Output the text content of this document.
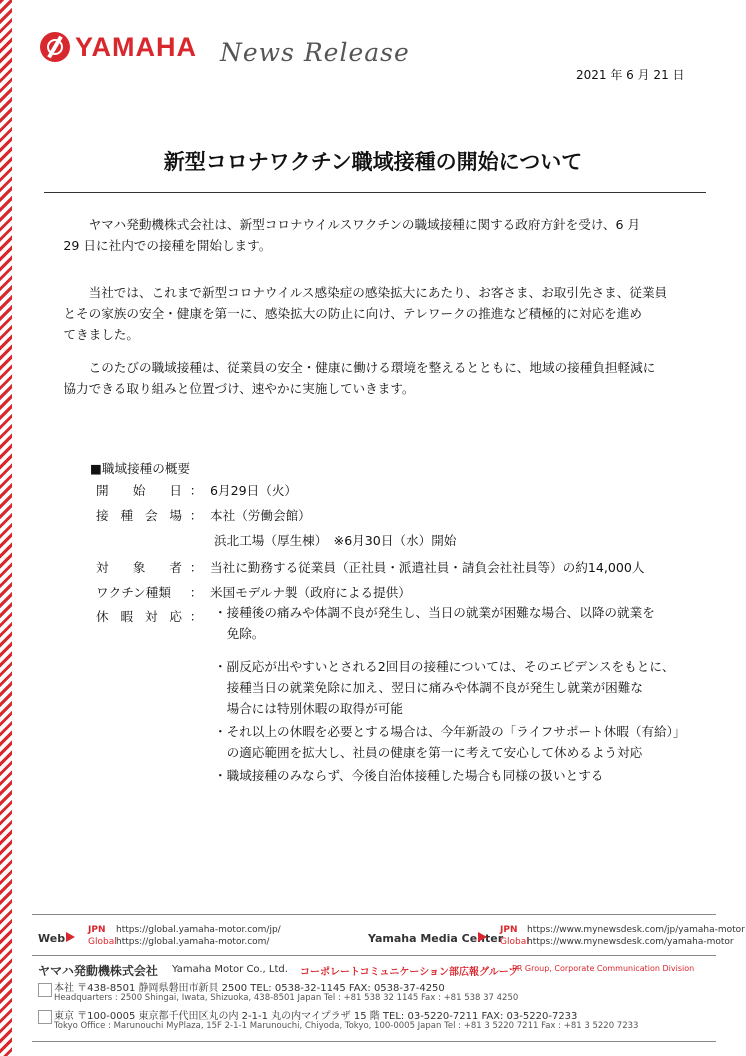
YAMAHA News Release
2021 年 6 月 21 日
新型コロナワクチン職域接種の開始について

ヤマハ発動機株式会社は、新型コロナウイルスワクチンの職域接種に関する政府方針を受け、6 月
29 日に社内での接種を開始します。

当社では、これまで新型コロナウイルス感染症の感染拡大にあたり、お客さま、お取引先さま、従業員
とその家族の安全・健康を第一に、感染拡大の防止に向け、テレワークの推進など積極的に対応を進め
てきました。

このたびの職域接種は、従業員の安全・健康に働ける環境を整えるとともに、地域の接種負担軽減に
協力できる取り組みと位置づけ、速やかに実施していきます。

■職域接種の概要
開 始 日 ： 6月29日（火）
接 種 会 場 ： 本社（労働会館）
浜北工場（厚生棟）　※6月30日（水）開始
対 象 者 ： 当社に勤務する従業員（正社員・派遣社員・請負会社社員等）の約14,000人
ワクチン種類	： 米国モデルナ製（政府による提供）
休 暇 対 応 ： ・接種後の痛みや体調不良が発生し、当日の就業が困難な場合、以降の就業を
　免除。
・副反応が出やすいとされる2回目の接種については、そのエビデンスをもとに、
　接種当日の就業免除に加え、翌日に痛みや体調不良が発生し就業が困難な
　場合には特別休暇の取得が可能
・それ以上の休暇を必要とする場合は、今年新設の「ライフサポート休暇（有給）」
　の適応範囲を拡大し、社員の健康を第一に考えて安心して休めるよう対応
・職域接種のみならず、今後自治体接種した場合も同様の扱いとする
Web
JPN https://global.yamaha-motor.com/jp/
Global https://global.yamaha-motor.com/	Yamaha Media Center
JPN https://www.mynewsdesk.com/jp/yamaha-motor
Global
https://www.mynewsdesk.com/yamaha-motor
ヤマハ発動機株式会社 Yamaha Motor Co., Ltd. コーポレートコミュニケーション部広報グループ
PR Group, Corporate Communication Division
本社 〒438-8501 静岡県磐田市新貝 2500 TEL: 0538-32-1145 FAX: 0538-37-4250
Headquarters : 2500 Shingai, Iwata, Shizuoka, 438-8501 Japan Tel : +81 538 32 1145 Fax : +81 538 37 4250
東京 〒100-0005 東京都千代田区丸の内 2-1-1 丸の内マイプラザ 15 階 TEL: 03-5220-7211 FAX: 03-5220-7233
Tokyo Office : Marunouchi MyPlaza, 15F 2-1-1 Marunouchi, Chiyoda, Tokyo, 100-0005 Japan Tel : +81 3 5220 7211 Fax : +81 3 5220 7233
